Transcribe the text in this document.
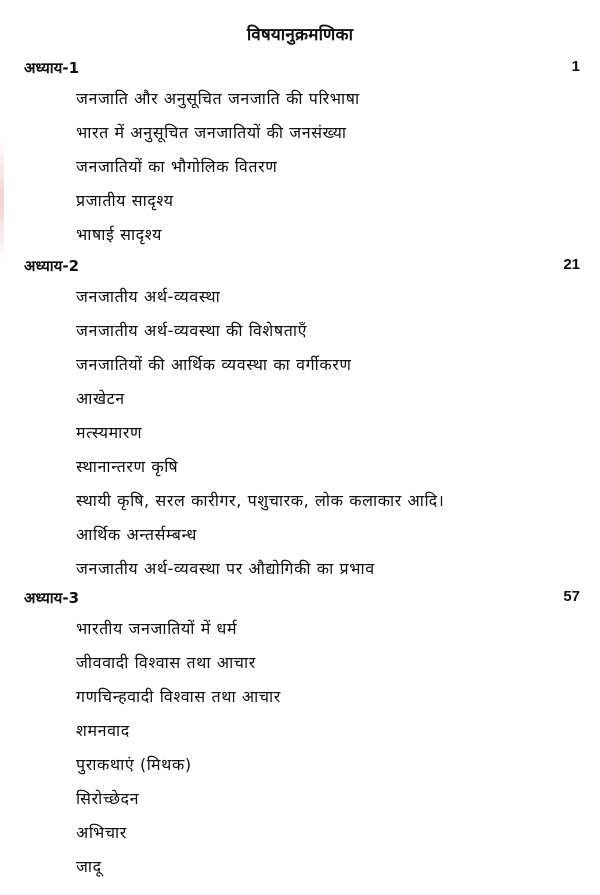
विषयानुक्रमणिका
अध्याय-1	1
जनजाति और अनुसूचित जनजाति की परिभाषा
भारत में अनुसूचित जनजातियों की जनसंख्या
जनजातियों का भौगोलिक वितरण
प्रजातीय सादृश्य
भाषाई सादृश्य
अध्याय-2	21
जनजातीय अर्थ-व्यवस्था
जनजातीय अर्थ-व्यवस्था की विशेषताएँ
जनजातियों की आर्थिक व्यवस्था का वर्गीकरण
आखेटन
मत्स्यमारण
स्थानान्तरण कृषि
स्थायी कृषि, सरल कारीगर, पशुचारक, लोक कलाकार आदि।
आर्थिक अन्तर्सम्बन्ध
जनजातीय अर्थ-व्यवस्था पर औद्योगिकी का प्रभाव
अध्याय-3	57
भारतीय जनजातियों में धर्म
जीववादी विश्वास तथा आचार
गणचिन्हवादी विश्वास तथा आचार
शमनवाद
पुराकथाएं (मिथक)
सिरोच्छेदन
अभिचार
जादू
